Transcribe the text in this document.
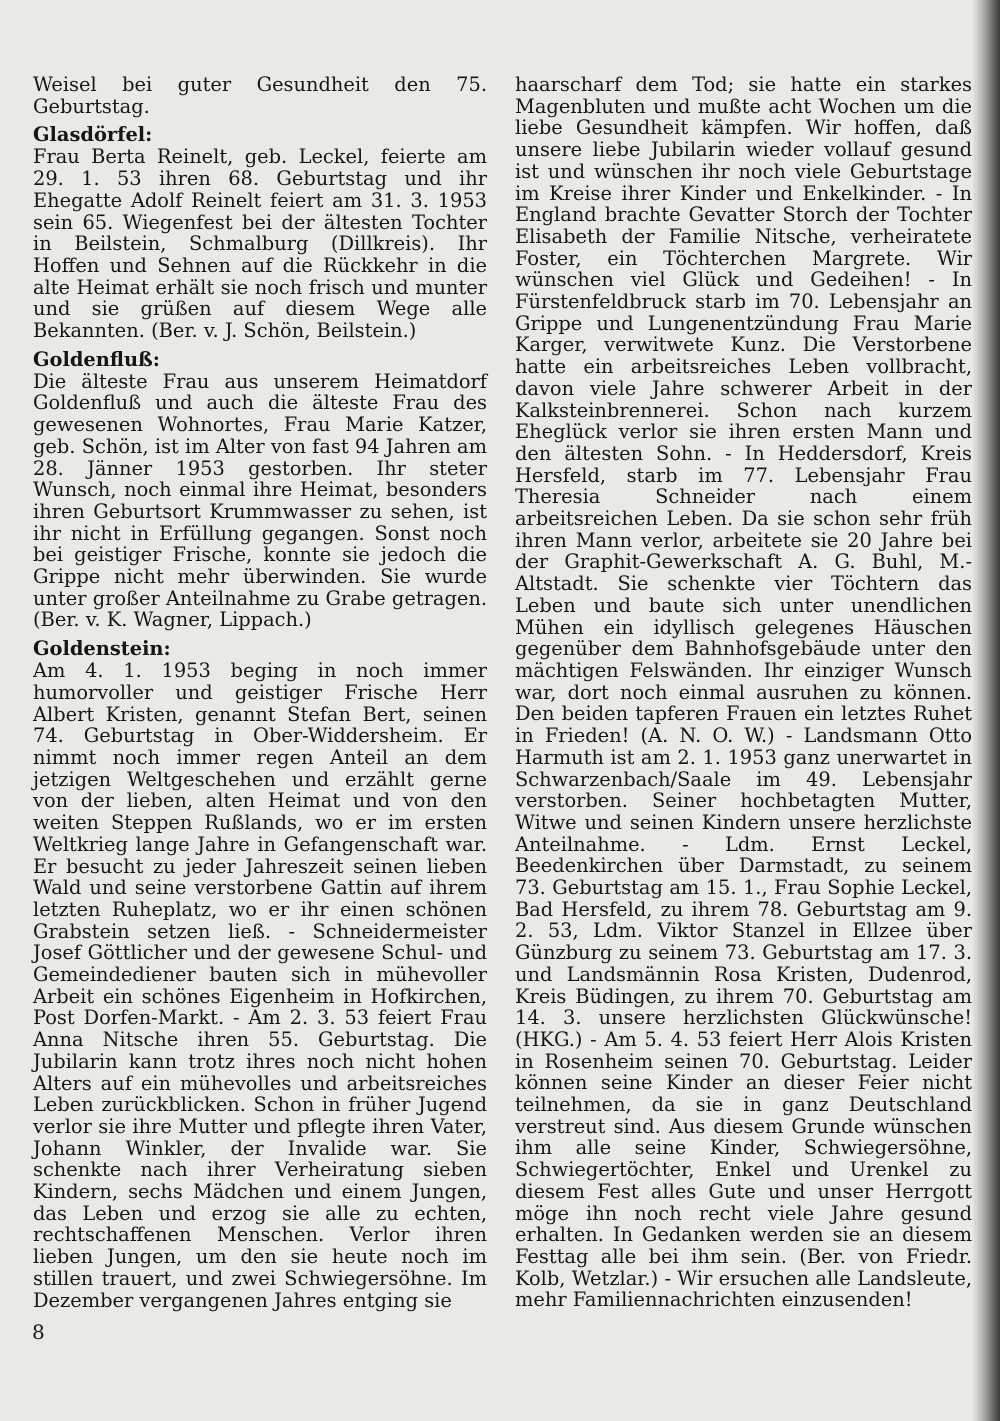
Weisel bei guter Gesundheit den 75. Geburtstag.

Glasdörfel:

Frau Berta Reinelt, geb. Leckel, feierte am 29. 1. 53 ihren 68. Geburtstag und ihr Ehegatte Adolf Reinelt feiert am 31. 3. 1953 sein 65. Wiegenfest bei der ältesten Tochter in Beilstein, Schmalburg (Dillkreis). Ihr Hoffen und Sehnen auf die Rückkehr in die alte Heimat erhält sie noch frisch und munter und sie grüßen auf diesem Wege alle Bekannten. (Ber. v. J. Schön, Beilstein.)

Goldenfluß:

Die älteste Frau aus unserem Heimatdorf Goldenfluß und auch die älteste Frau des gewesenen Wohnortes, Frau Marie Katzer, geb. Schön, ist im Alter von fast 94 Jahren am 28. Jänner 1953 gestorben. Ihr steter Wunsch, noch einmal ihre Heimat, besonders ihren Geburtsort Krummwasser zu sehen, ist ihr nicht in Erfüllung gegangen. Sonst noch bei geistiger Frische, konnte sie jedoch die Grippe nicht mehr überwinden. Sie wurde unter großer Anteilnahme zu Grabe getragen. (Ber. v. K. Wagner, Lippach.)

Goldenstein:

Am 4. 1. 1953 beging in noch immer humorvoller und geistiger Frische Herr Albert Kristen, genannt Stefan Bert, seinen 74. Geburtstag in Ober-Widdersheim. Er nimmt noch immer regen Anteil an dem jetzigen Weltgeschehen und erzählt gerne von der lieben, alten Heimat und von den weiten Steppen Rußlands, wo er im ersten Weltkrieg lange Jahre in Gefangenschaft war. Er besucht zu jeder Jahreszeit seinen lieben Wald und seine verstorbene Gattin auf ihrem letzten Ruheplatz, wo er ihr einen schönen Grabstein setzen ließ. - Schneidermeister Josef Göttlicher und der gewesene Schul- und Gemeindediener bauten sich in mühevoller Arbeit ein schönes Eigenheim in Hofkirchen, Post Dorfen-Markt. - Am 2. 3. 53 feiert Frau Anna Nitsche ihren 55. Geburtstag. Die Jubilarin kann trotz ihres noch nicht hohen Alters auf ein mühevolles und arbeitsreiches Leben zurückblicken. Schon in früher Jugend verlor sie ihre Mutter und pflegte ihren Vater, Johann Winkler, der Invalide war. Sie schenkte nach ihrer Verheiratung sieben Kindern, sechs Mädchen und einem Jungen, das Leben und erzog sie alle zu echten, rechtschaffenen Menschen. Verlor ihren lieben Jungen, um den sie heute noch im stillen trauert, und zwei Schwiegersöhne. Im Dezember vergangenen Jahres entging sie

haarscharf dem Tod; sie hatte ein starkes Magenbluten und mußte acht Wochen um die liebe Gesundheit kämpfen. Wir hoffen, daß unsere liebe Jubilarin wieder vollauf gesund ist und wünschen ihr noch viele Geburtstage im Kreise ihrer Kinder und Enkelkinder. - In England brachte Gevatter Storch der Tochter Elisabeth der Familie Nitsche, verheiratete Foster, ein Töchterchen Margrete. Wir wünschen viel Glück und Gedeihen! - In Fürstenfeldbruck starb im 70. Lebensjahr an Grippe und Lungenentzündung Frau Marie Karger, verwitwete Kunz. Die Verstorbene hatte ein arbeitsreiches Leben vollbracht, davon viele Jahre schwerer Arbeit in der Kalksteinbrennerei. Schon nach kurzem Eheglück verlor sie ihren ersten Mann und den ältesten Sohn. - In Heddersdorf, Kreis Hersfeld, starb im 77. Lebensjahr Frau Theresia Schneider nach einem arbeitsreichen Leben. Da sie schon sehr früh ihren Mann verlor, arbeitete sie 20 Jahre bei der Graphit-Gewerkschaft A. G. Buhl, M.-Altstadt. Sie schenkte vier Töchtern das Leben und baute sich unter unendlichen Mühen ein idyllisch gelegenes Häuschen gegenüber dem Bahnhofsgebäude unter den mächtigen Felswänden. Ihr einziger Wunsch war, dort noch einmal ausruhen zu können. Den beiden tapferen Frauen ein letztes Ruhet in Frieden! (A. N. O. W.) - Landsmann Otto Harmuth ist am 2. 1. 1953 ganz unerwartet in Schwarzenbach/Saale im 49. Lebensjahr verstorben. Seiner hochbetagten Mutter, Witwe und seinen Kindern unsere herzlichste Anteilnahme. - Ldm. Ernst Leckel, Beedenkirchen über Darmstadt, zu seinem 73. Geburtstag am 15. 1., Frau Sophie Leckel, Bad Hersfeld, zu ihrem 78. Geburtstag am 9. 2. 53, Ldm. Viktor Stanzel in Ellzee über Günzburg zu seinem 73. Geburtstag am 17. 3. und Landsmännin Rosa Kristen, Dudenrod, Kreis Büdingen, zu ihrem 70. Geburtstag am 14. 3. unsere herzlichsten Glückwünsche! (HKG.) - Am 5. 4. 53 feiert Herr Alois Kristen in Rosenheim seinen 70. Geburtstag. Leider können seine Kinder an dieser Feier nicht teilnehmen, da sie in ganz Deutschland verstreut sind. Aus diesem Grunde wünschen ihm alle seine Kinder, Schwiegersöhne, Schwiegertöchter, Enkel und Urenkel zu diesem Fest alles Gute und unser Herrgott möge ihn noch recht viele Jahre gesund erhalten. In Gedanken werden sie an diesem Festtag alle bei ihm sein. (Ber. von Friedr. Kolb, Wetzlar.) - Wir ersuchen alle Landsleute, mehr Familiennachrichten einzusenden!

8
